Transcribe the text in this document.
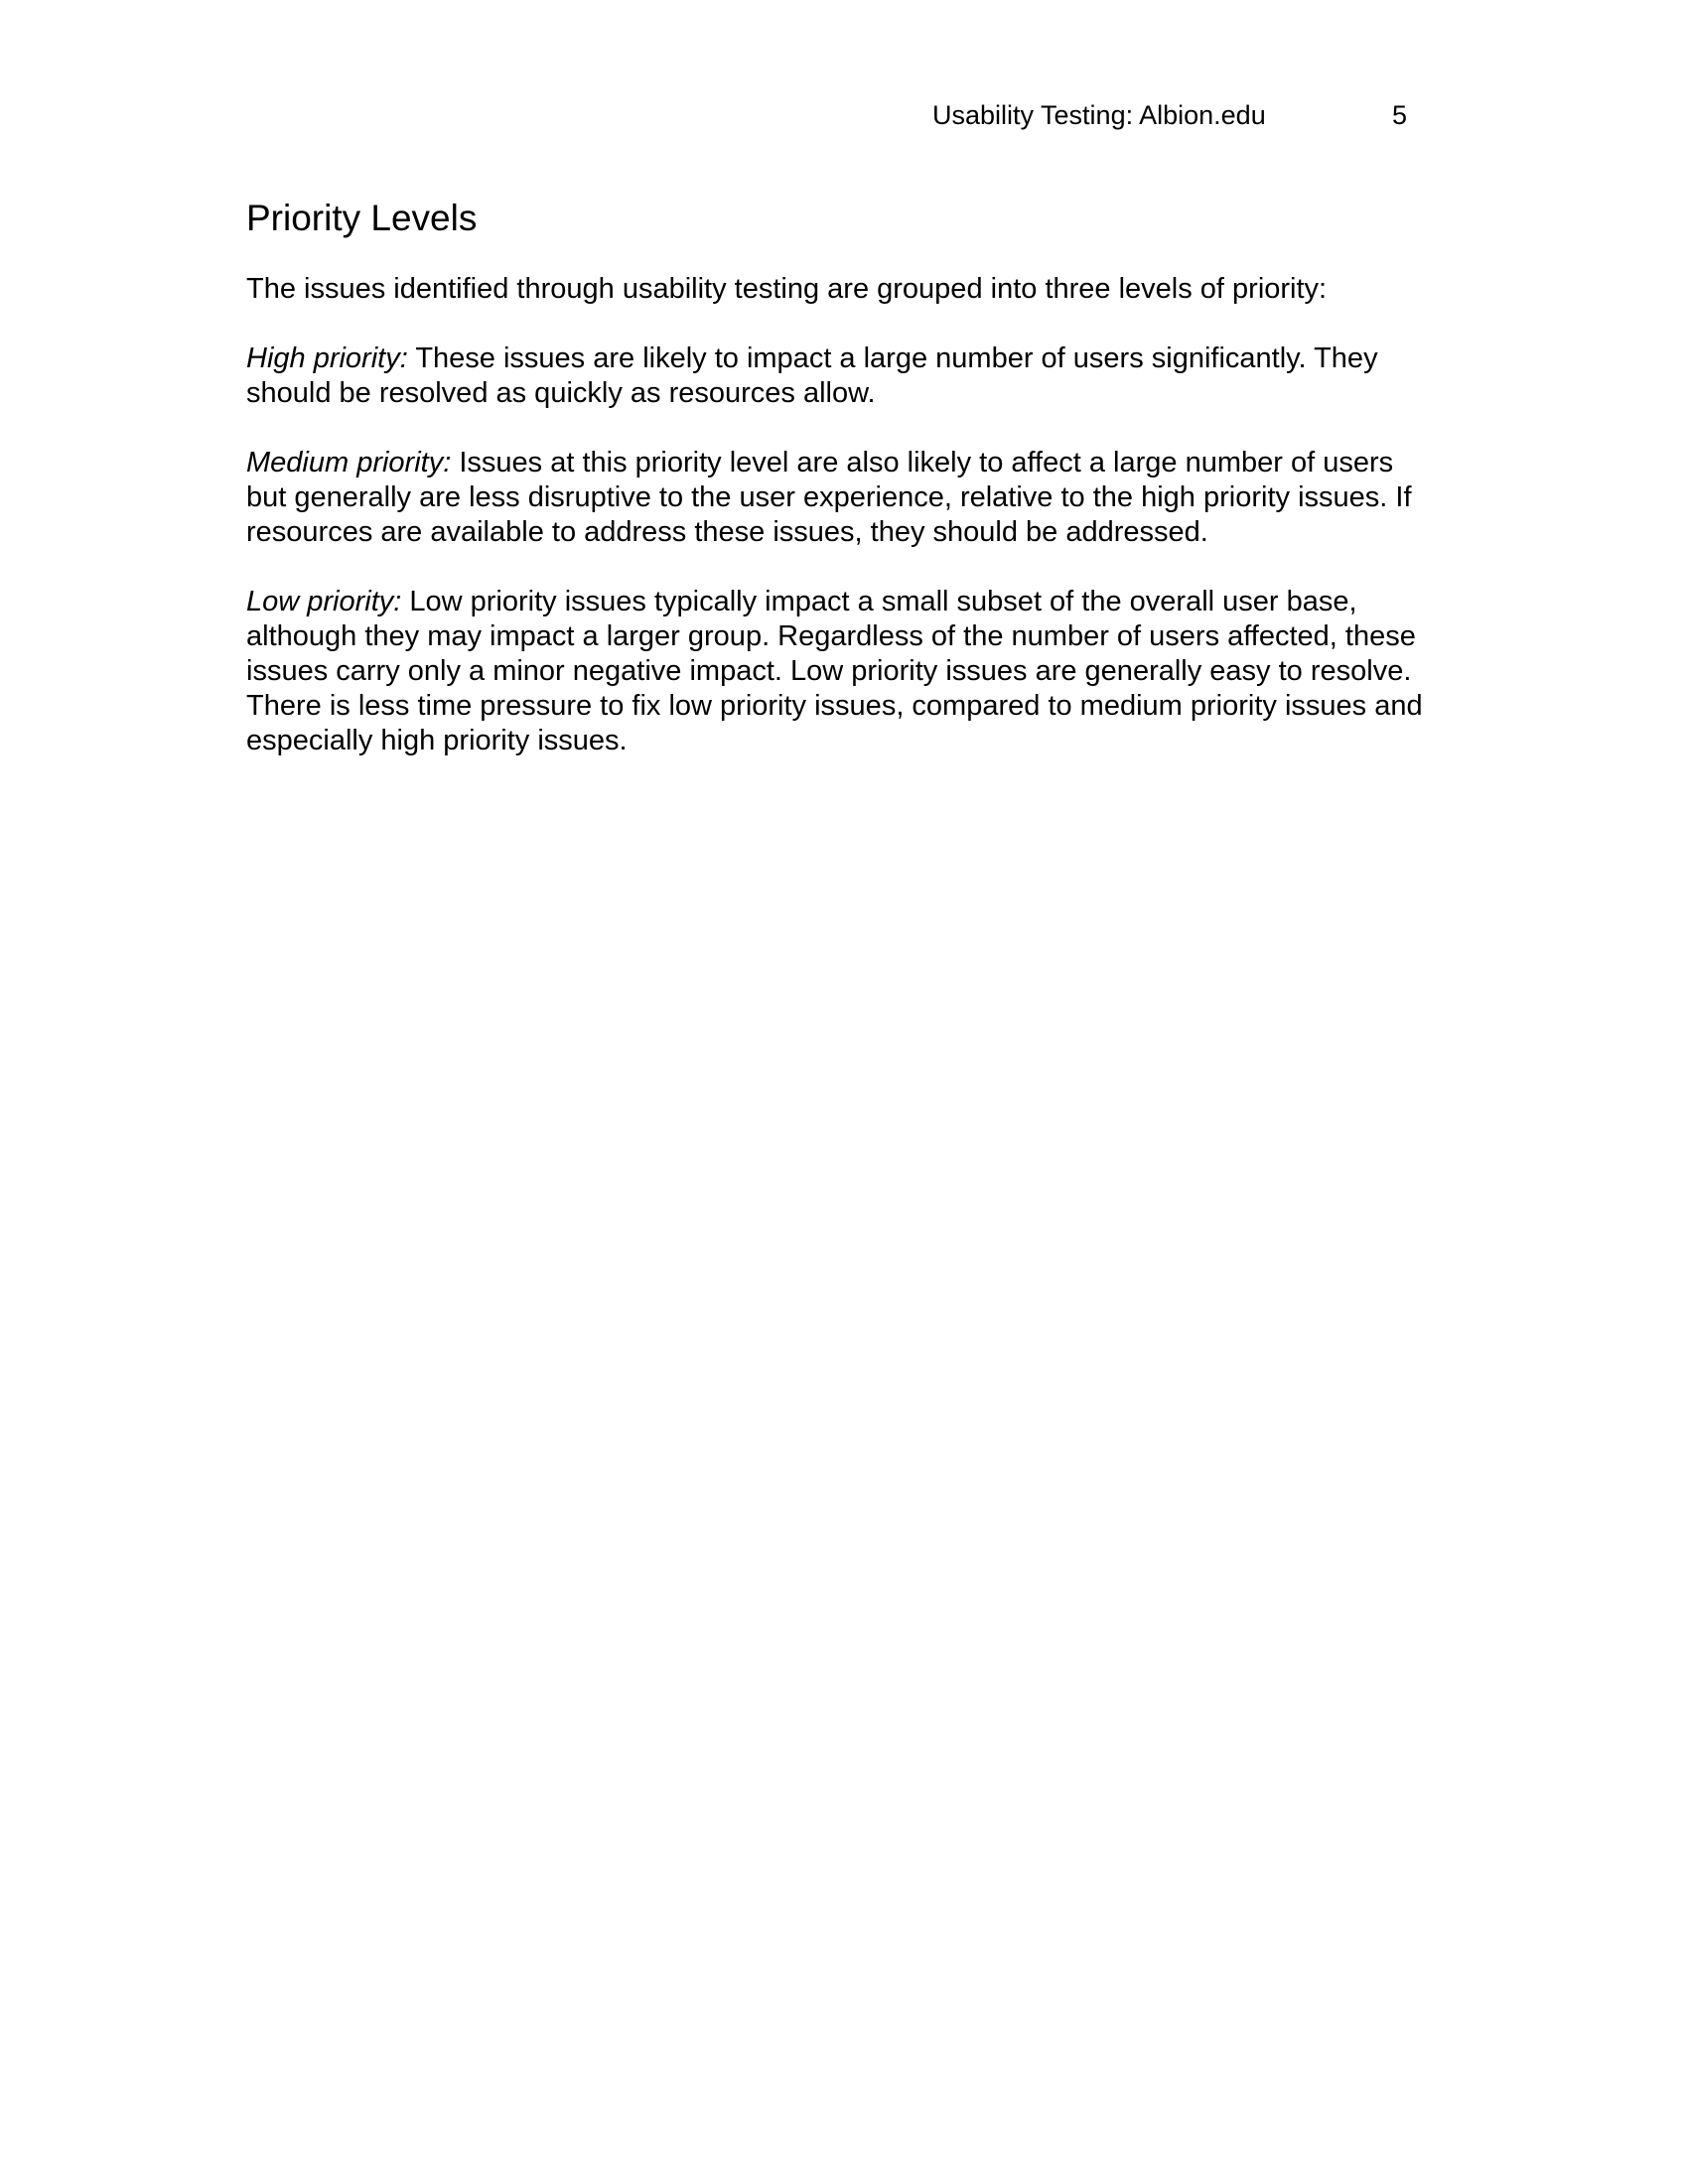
Usability Testing: Albion.edu	5
Priority Levels

The issues identified through usability testing are grouped into three levels of priority:

High priority: These issues are likely to impact a large number of users significantly. They should be resolved as quickly as resources allow.

Medium priority: Issues at this priority level are also likely to affect a large number of users but generally are less disruptive to the user experience, relative to the high priority issues. If resources are available to address these issues, they should be addressed.

Low priority: Low priority issues typically impact a small subset of the overall user base, although they may impact a larger group. Regardless of the number of users affected, these issues carry only a minor negative impact. Low priority issues are generally easy to resolve. There is less time pressure to fix low priority issues, compared to medium priority issues and especially high priority issues.
